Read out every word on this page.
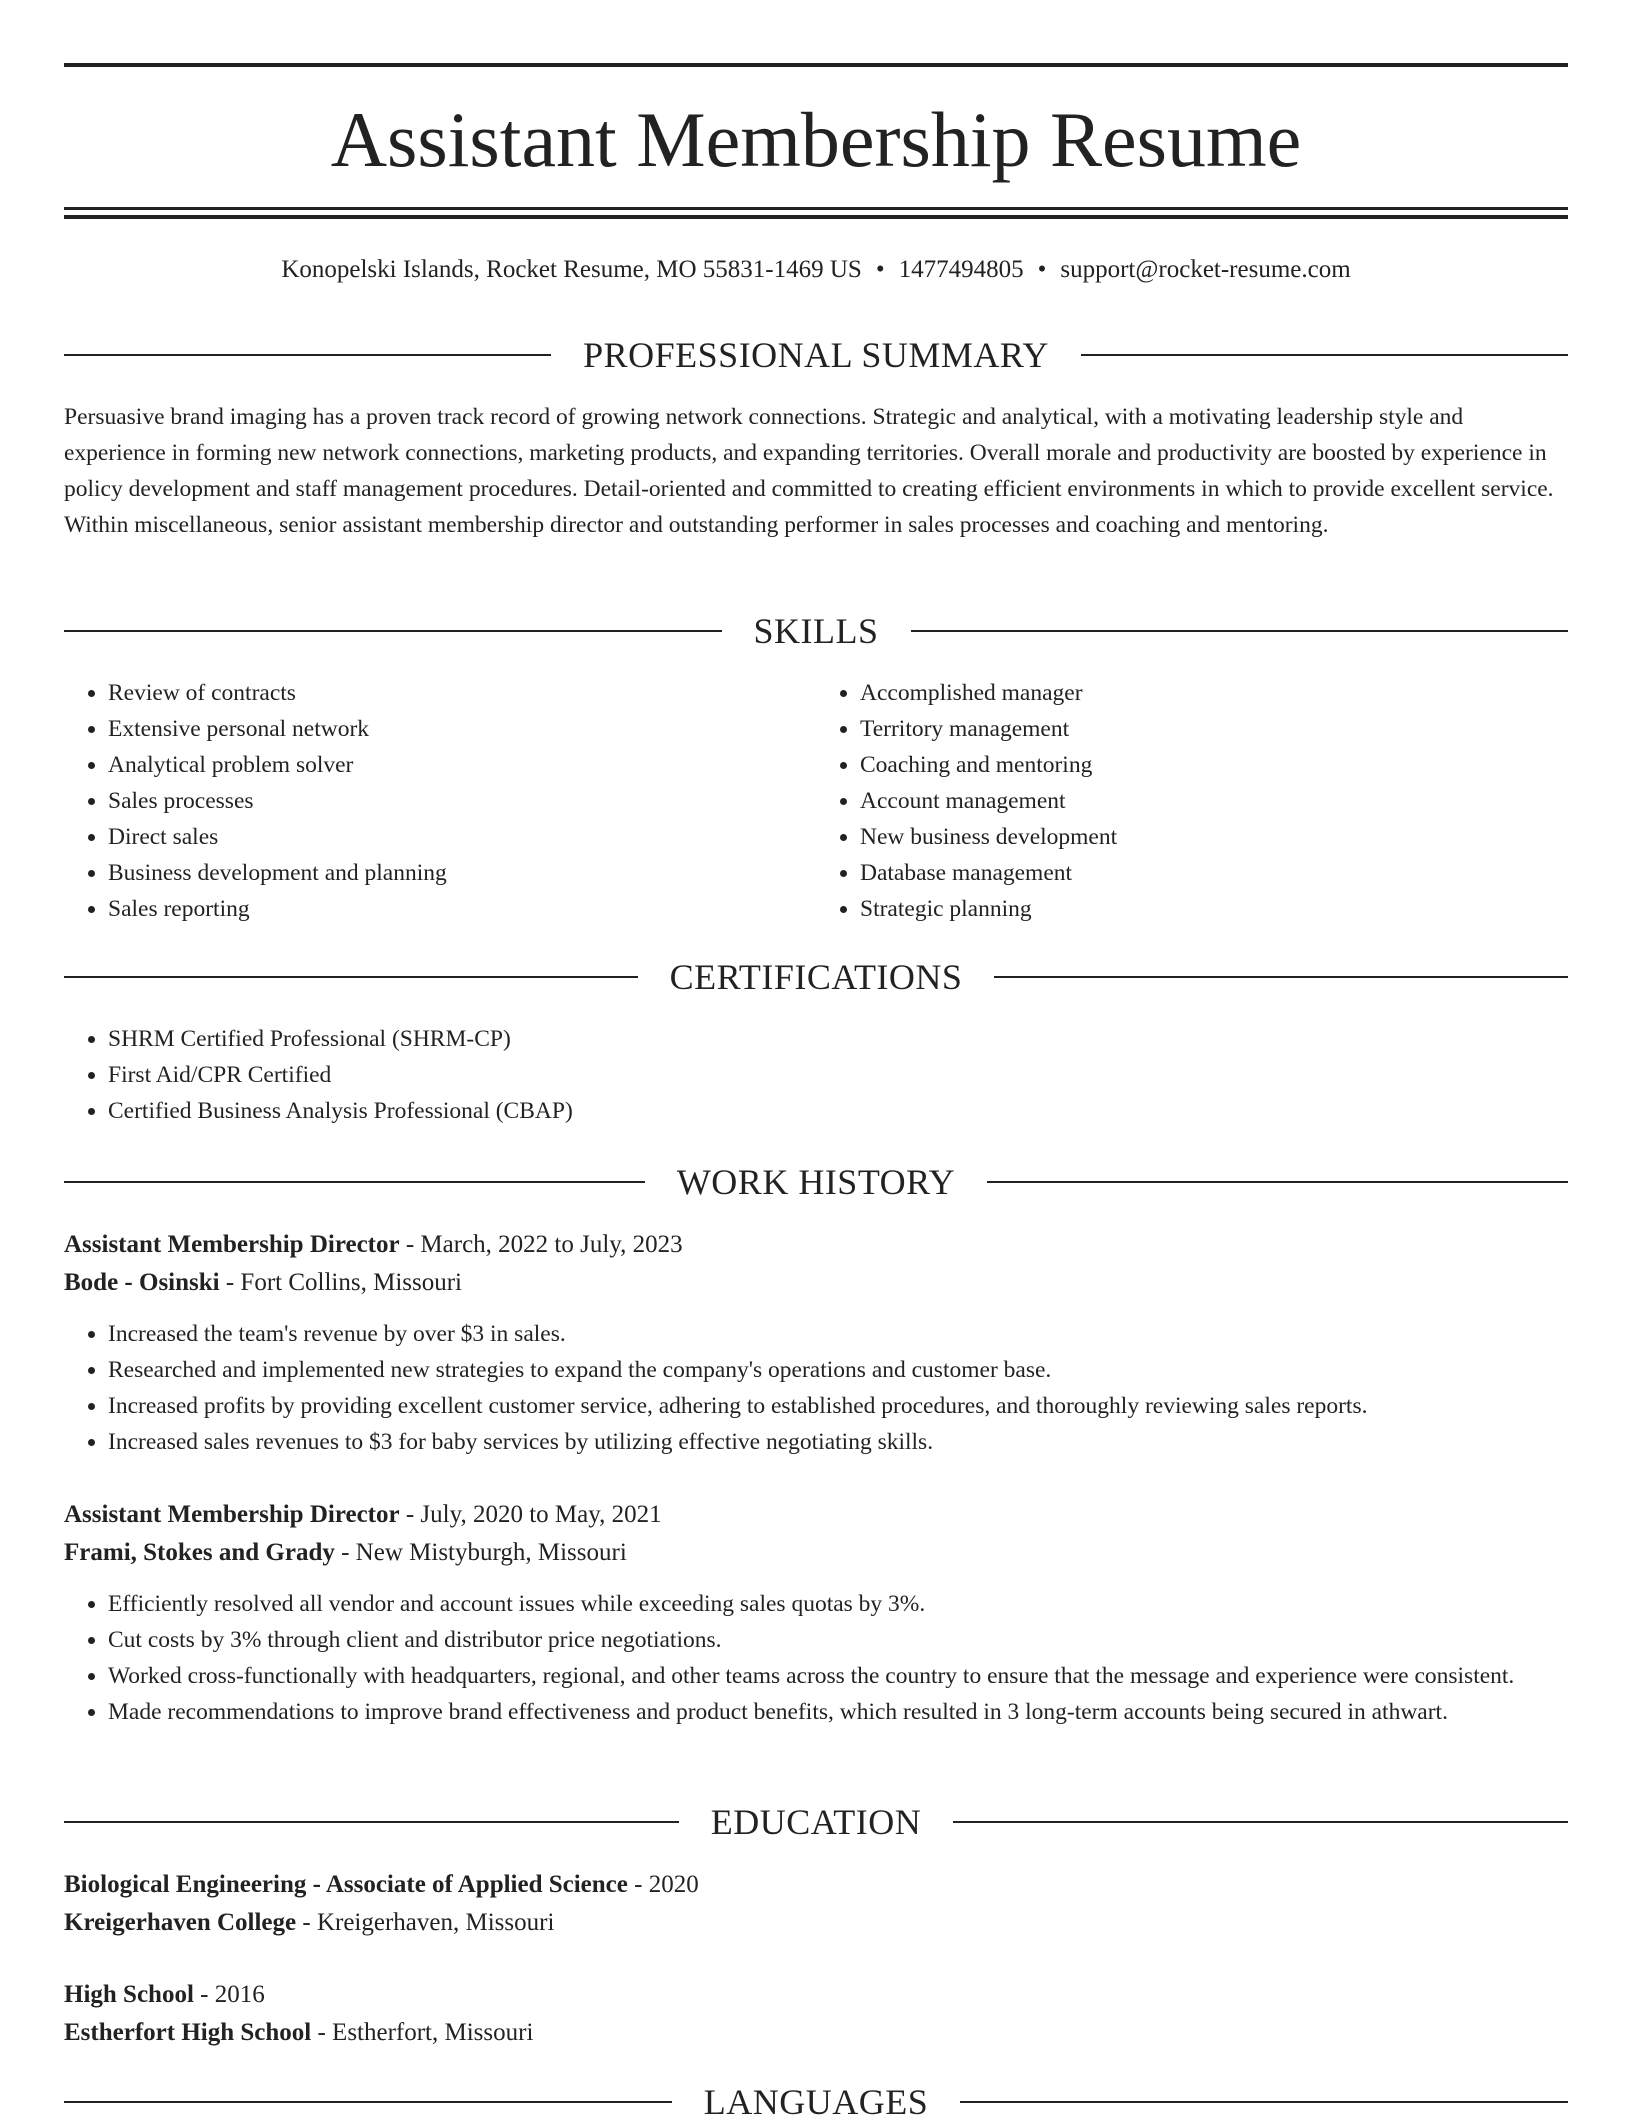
Assistant Membership Resume
Konopelski Islands, Rocket Resume, MO 55831-1469 US • 1477494805 • support@rocket-resume.com
PROFESSIONAL SUMMARY

Persuasive brand imaging has a proven track record of growing network connections. Strategic and analytical, with a motivating leadership style and experience in forming new network connections, marketing products, and expanding territories. Overall morale and productivity are boosted by experience in policy development and staff management procedures. Detail-oriented and committed to creating efficient environments in which to provide excellent service. Within miscellaneous, senior assistant membership director and outstanding performer in sales processes and coaching and mentoring.

SKILLS
• Review of contracts
• Extensive personal network
• Analytical problem solver
• Sales processes
• Direct sales
• Business development and planning
• Sales reporting
• Accomplished manager
• Territory management
• Coaching and mentoring
• Account management
• New business development
• Database management
• Strategic planning
CERTIFICATIONS
• SHRM Certified Professional (SHRM-CP)
• First Aid/CPR Certified
• Certified Business Analysis Professional (CBAP)
WORK HISTORY
Assistant Membership Director - March, 2022 to July, 2023
Bode - Osinski - Fort Collins, Missouri
• Increased the team's revenue by over $3 in sales.
• Researched and implemented new strategies to expand the company's operations and customer base.
• Increased profits by providing excellent customer service, adhering to established procedures, and thoroughly reviewing sales reports.
• Increased sales revenues to $3 for baby services by utilizing effective negotiating skills.
Assistant Membership Director - July, 2020 to May, 2021
Frami, Stokes and Grady - New Mistyburgh, Missouri
• Efficiently resolved all vendor and account issues while exceeding sales quotas by 3%.
• Cut costs by 3% through client and distributor price negotiations.
• Worked cross-functionally with headquarters, regional, and other teams across the country to ensure that the message and experience were consistent.
• Made recommendations to improve brand effectiveness and product benefits, which resulted in 3 long-term accounts being secured in athwart.
EDUCATION
Biological Engineering - Associate of Applied Science - 2020
Kreigerhaven College - Kreigerhaven, Missouri
High School - 2016
Estherfort High School - Estherfort, Missouri
LANGUAGES
